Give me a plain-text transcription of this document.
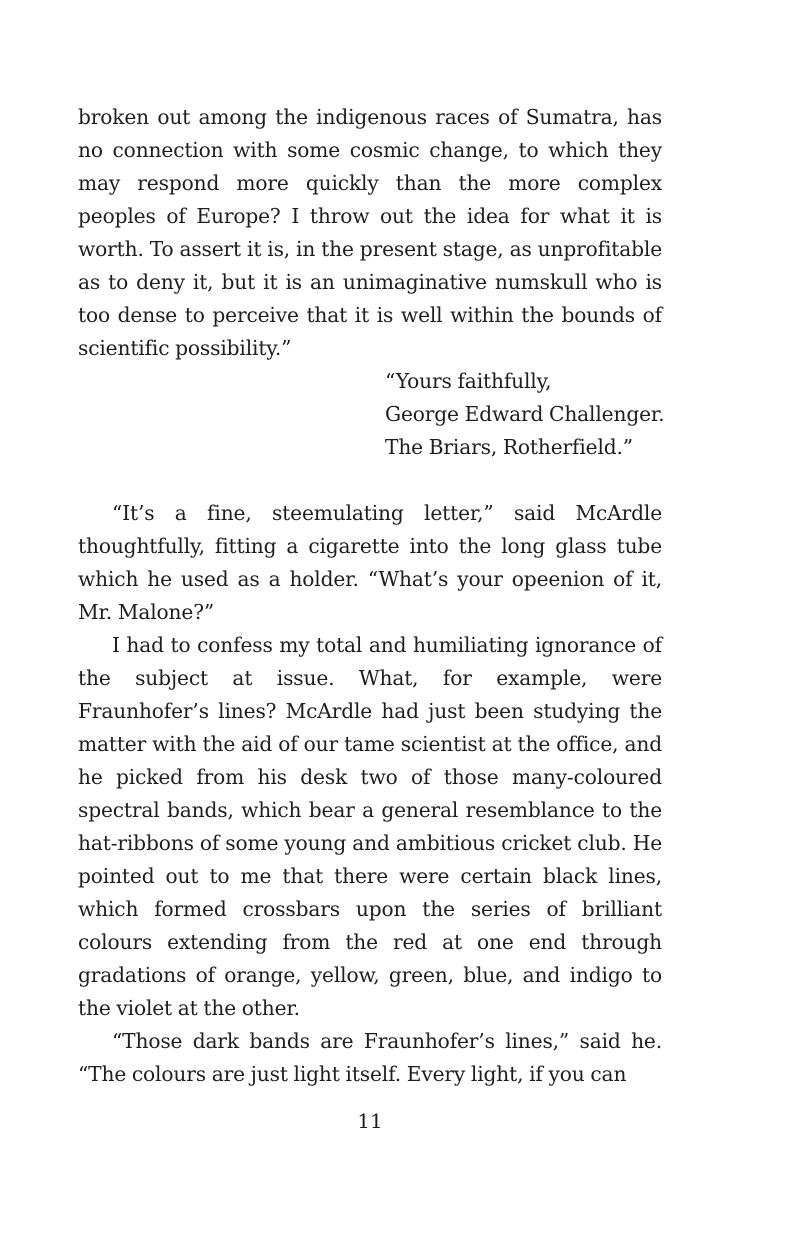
broken out among the indigenous races of Sumatra, has no connection with some cosmic change, to which they may respond more quickly than the more complex peoples of Europe? I throw out the idea for what it is worth. To assert it is, in the present stage, as unprofitable as to deny it, but it is an unimaginative numskull who is too dense to perceive that it is well within the bounds of scientific possibility.”

“Yours faithfully,
George Edward Challenger.
The Briars, Rotherfield.”

“It’s a fine, steemulating letter,” said McArdle thoughtfully, fitting a cigarette into the long glass tube which he used as a holder. “What’s your opeenion of it, Mr. Malone?”

I had to confess my total and humiliating ignorance of the subject at issue. What, for example, were Fraunhofer’s lines? McArdle had just been studying the matter with the aid of our tame scientist at the office, and he picked from his desk two of those many-coloured spectral bands, which bear a general resemblance to the hat-ribbons of some young and ambitious cricket club. He pointed out to me that there were certain black lines, which formed crossbars upon the series of brilliant colours extending from the red at one end through gradations of orange, yellow, green, blue, and indigo to the violet at the other.

“Those dark bands are Fraunhofer’s lines,” said he. “The colours are just light itself. Every light, if you can

11
